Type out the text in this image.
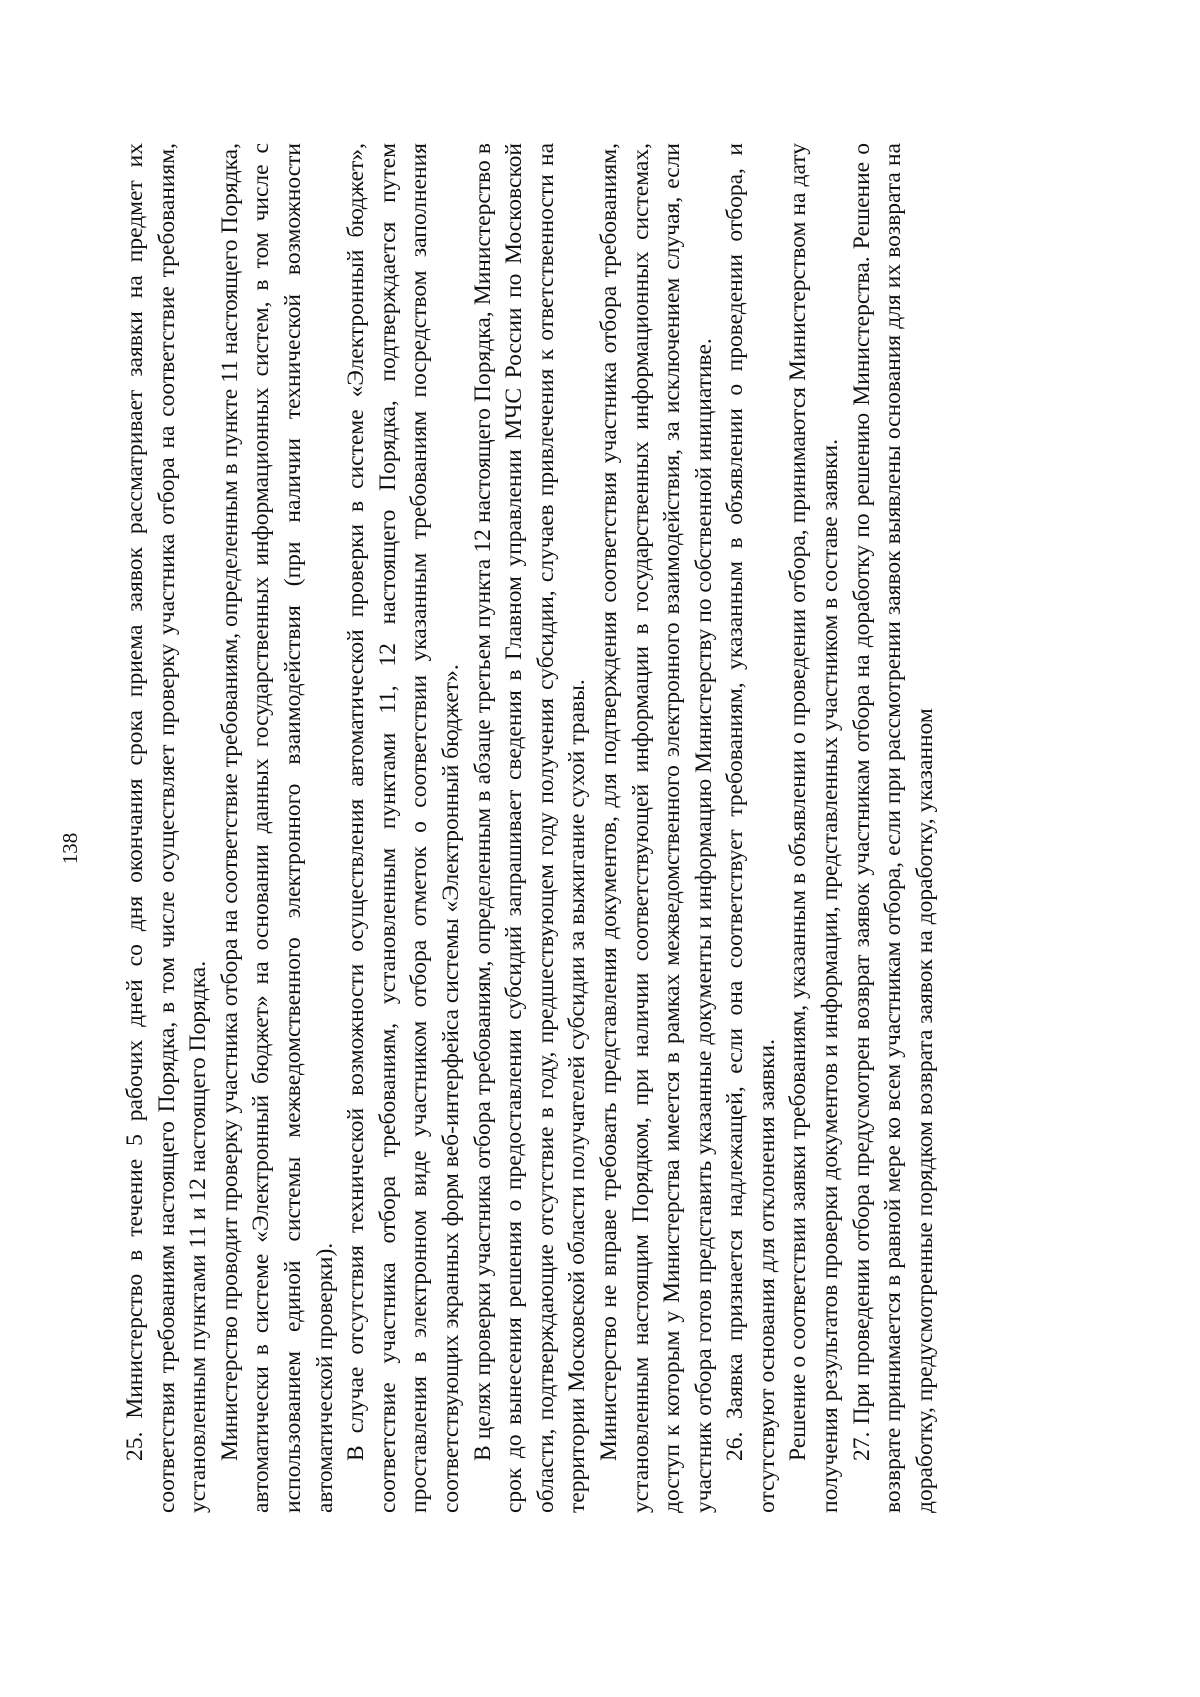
138 25. Министерство в течение 5 рабочих дней со дня окончания срока приема заявок рассматривает заявки на предмет их соответствия требованиям настоящего Порядка, в том числе осуществляет проверку участника отбора на соответствие требованиям, установленным пунктами 11 и 12 настоящего Порядка. Министерство проводит проверку участника отбора на соответствие требованиям, определенным в пункте 11 настоящего Порядка, автоматически в системе «Электронный бюджет» на основании данных государственных информационных систем, в том числе с использованием единой системы межведомственного электронного взаимодействия (при наличии технической возможности автоматической проверки). В случае отсутствия технической возможности осуществления автоматической проверки в системе «Электронный бюджет», соответствие участника отбора требованиям, установленным пунктами 11, 12 настоящего Порядка, подтверждается путем проставления в электронном виде участником отбора отметок о соответствии указанным требованиям посредством заполнения соответствующих экранных форм веб-интерфейса системы «Электронный бюджет». В целях проверки участника отбора требованиям, определенным в абзаце третьем пункта 12 настоящего Порядка, Министерство в срок до вынесения решения о предоставлении субсидий запрашивает сведения в Главном управлении МЧС России по Московской области, подтверждающие отсутствие в году, предшествующем году получения субсидии, случаев привлечения к ответственности на территории Московской области получателей субсидии за выжигание сухой травы. Министерство не вправе требовать представления документов, для подтверждения соответствия участника отбора требованиям, установленным настоящим Порядком, при наличии соответствующей информации в государственных информационных системах, доступ к которым у Министерства имеется в рамках межведомственного электронного взаимодействия, за исключением случая, если участник отбора готов представить указанные документы и информацию Министерству по собственной инициативе. 26. Заявка признается надлежащей, если она соответствует требованиям, указанным в объявлении о проведении отбора, и отсутствуют основания для отклонения заявки. Решение о соответствии заявки требованиям, указанным в объявлении о проведении отбора, принимаются Министерством на дату получения результатов проверки документов и информации, представленных участником в составе заявки. 27. При проведении отбора предусмотрен возврат заявок участникам отбора на доработку по решению Министерства. Решение о возврате принимается в равной мере ко всем участникам отбора, если при рассмотрении заявок выявлены основания для их возврата на доработку, предусмотренные порядком возврата заявок на доработку, указанном
